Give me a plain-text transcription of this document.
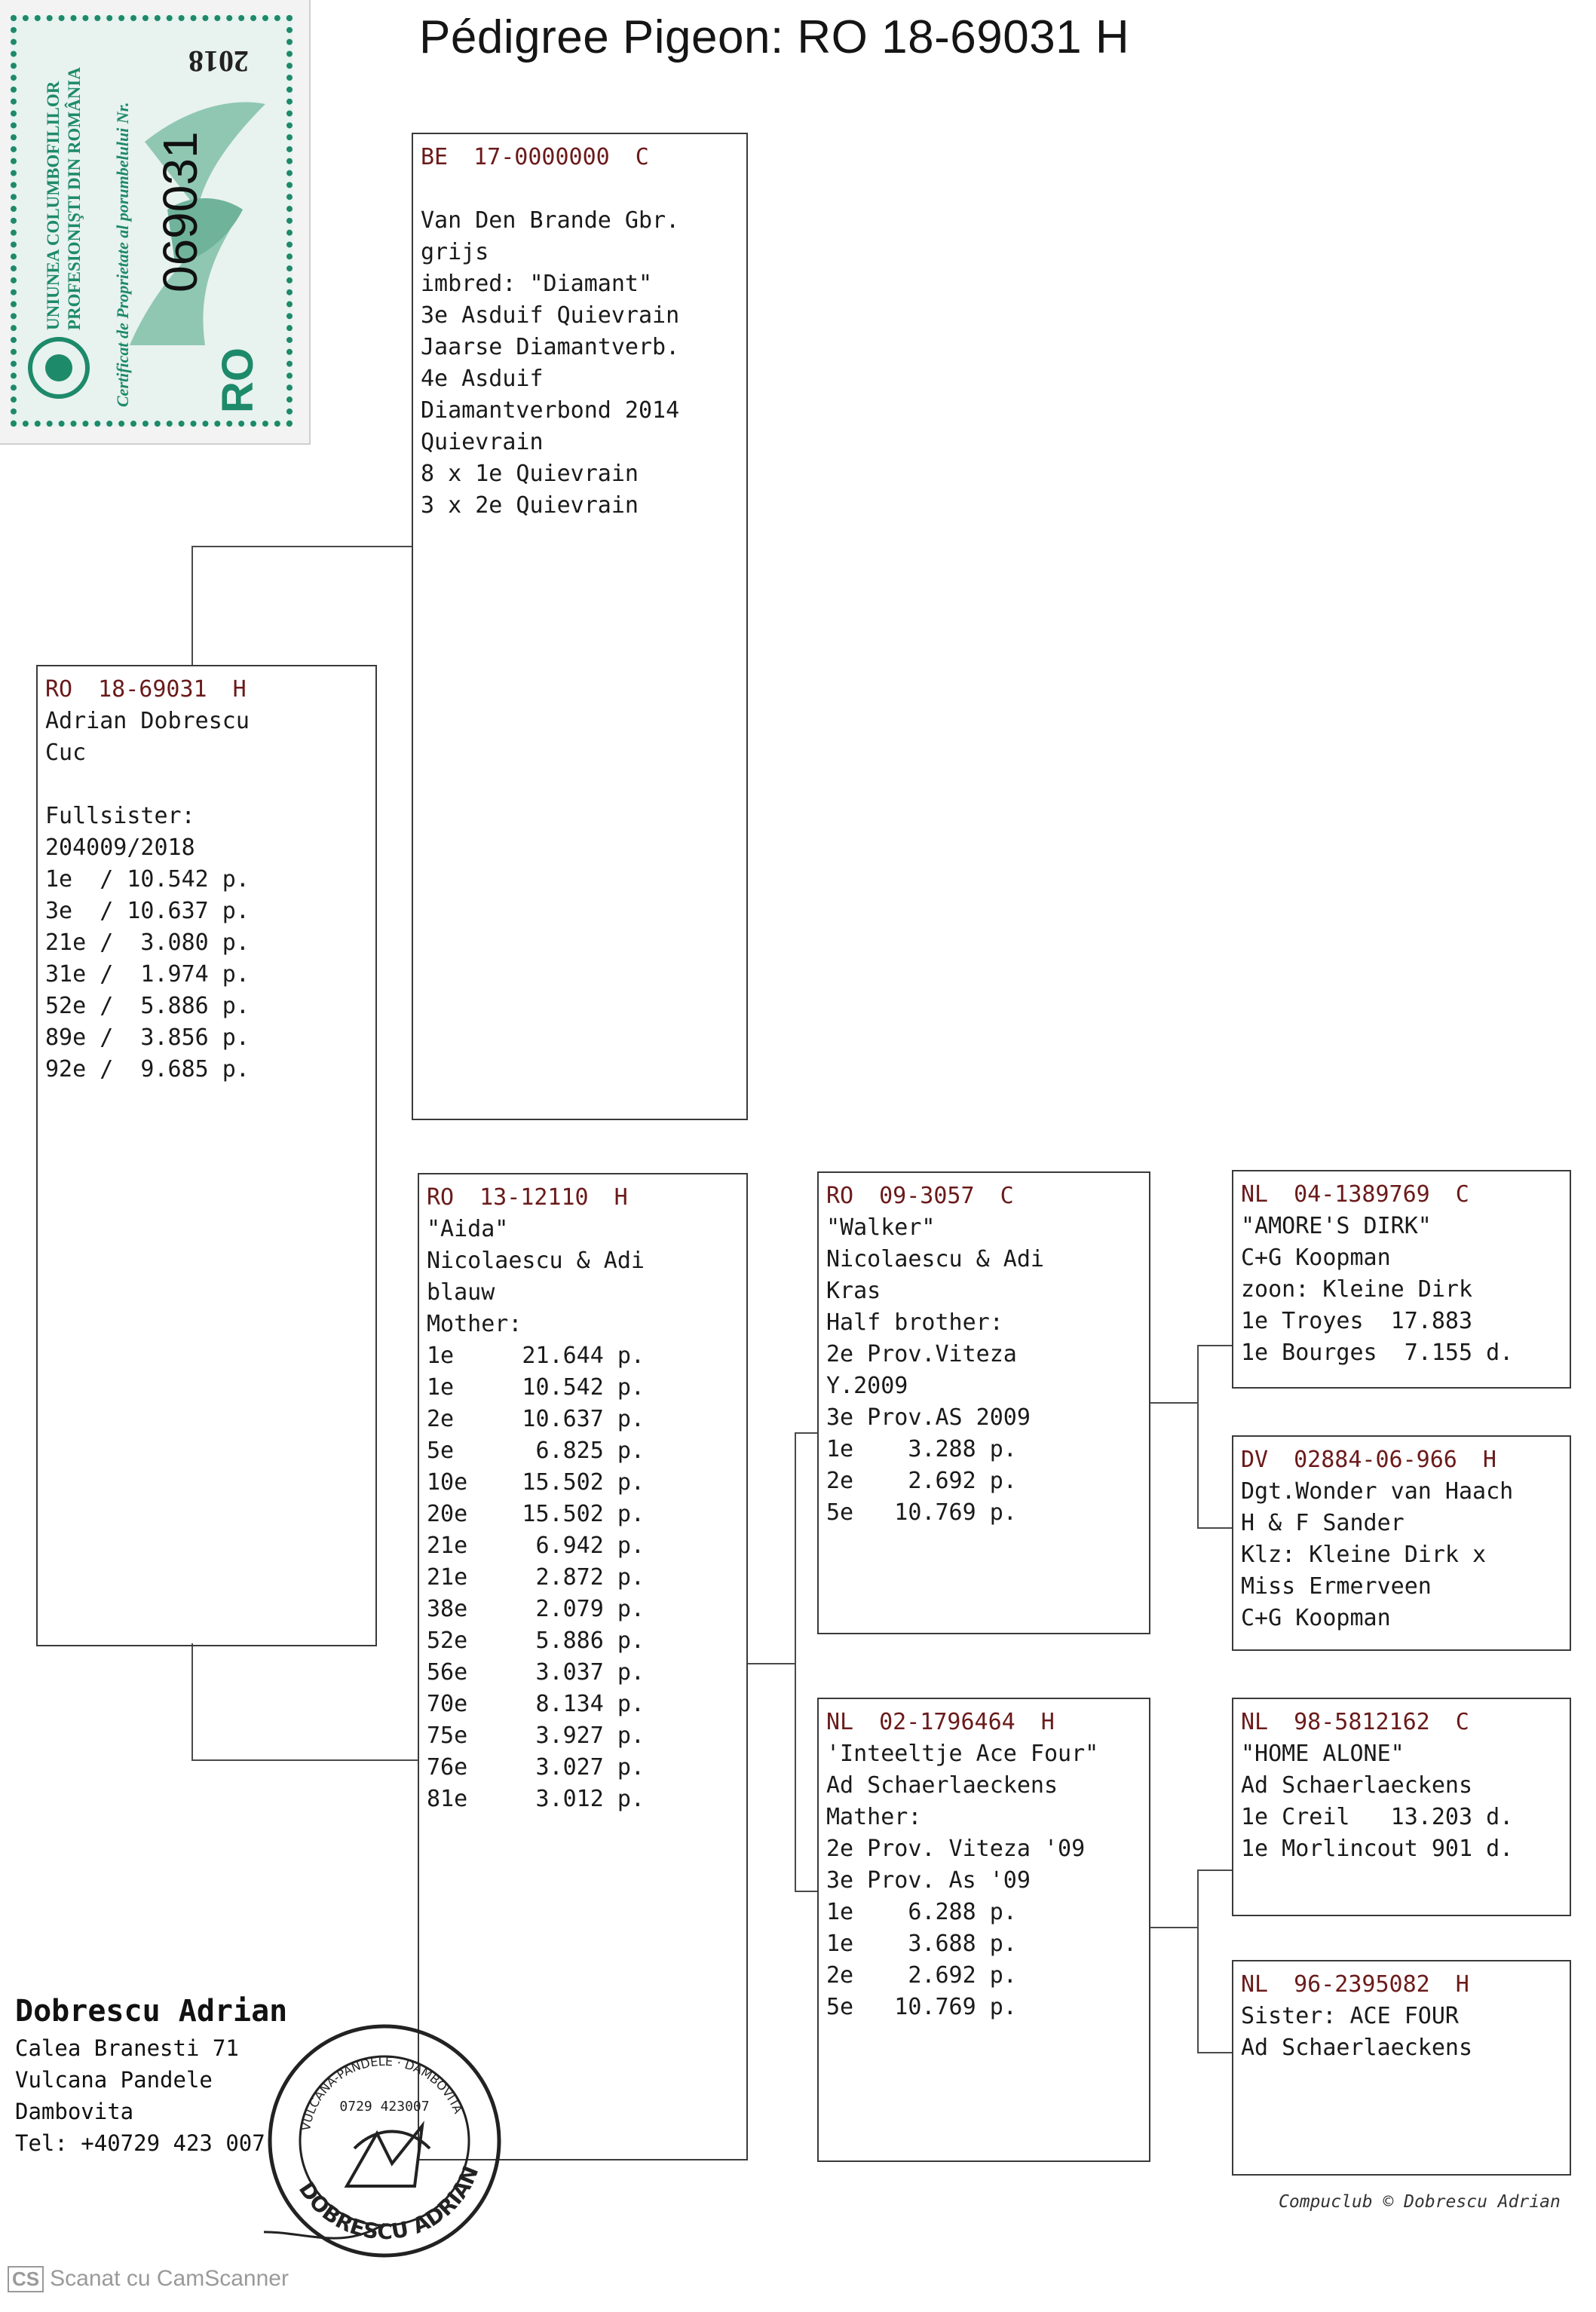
UNIUNEA COLUMBOFILILOR PROFESIONIŞTI DIN ROMÂNIA Certificat de Proprietate al porumbelului Nr. 069031
RO
2018	Pédigree Pigeon: RO 18-69031 H
RO 18-69031 H
Adrian Dobrescu
Cuc
Fullsister:
204009/2018
1e  / 10.542 p.
3e  / 10.637 p.
21e /  3.080 p.
31e /  1.974 p.
52e /  5.886 p.
89e /  3.856 p.
92e /  9.685 p.
BE 17-0000000 C
Van Den Brande Gbr.
grijs
imbred: "Diamant"
3e Asduif Quievrain
Jaarse Diamantverb.
4e Asduif
Diamantverbond 2014
Quievrain
8 x 1e Quievrain
3 x 2e Quievrain
RO 13-12110 H
"Aida"
Nicolaescu & Adi
blauw
Mother:
1e     21.644 p.
1e     10.542 p.
2e     10.637 p.
5e      6.825 p.
10e    15.502 p.
20e    15.502 p.
21e     6.942 p.
21e     2.872 p.
38e     2.079 p.
52e     5.886 p.
56e     3.037 p.
70e     8.134 p.
75e     3.927 p.
76e     3.027 p.
81e     3.012 p.
RO 09-3057 C
"Walker"
Nicolaescu & Adi
Kras
Half brother:
2e Prov.Viteza
Y.2009
3e Prov.AS 2009
1e    3.288 p.
2e    2.692 p.
5e   10.769 p.
NL 02-1796464 H
'Inteeltje Ace Four"
Ad Schaerlaeckens
Mather:
2e Prov. Viteza '09
3e Prov. As '09
1e    6.288 p.
1e    3.688 p.
2e    2.692 p.
5e   10.769 p.
NL 04-1389769 C
"AMORE'S DIRK"
C+G Koopman
zoon: Kleine Dirk
1e Troyes  17.883
1e Bourges  7.155 d.
DV 02884-06-966 H
Dgt.Wonder van Haach
H & F Sander
Klz: Kleine Dirk x
Miss Ermerveen
C+G Koopman
NL 98-5812162 C
"HOME ALONE"
Ad Schaerlaeckens
1e Creil   13.203 d.
1e Morlincout 901 d.
NL 96-2395082 H
Sister: ACE FOUR
Ad Schaerlaeckens
Dobrescu Adrian
Calea Branesti 71
Vulcana Pandele
Dambovita
Tel: +40729 423 007
DOBRESCU ADRIAN
VULCANA-PANDELE · DAMBOVITA
0729 423007
Compuclub © Dobrescu Adrian
CS Scanat cu CamScanner
